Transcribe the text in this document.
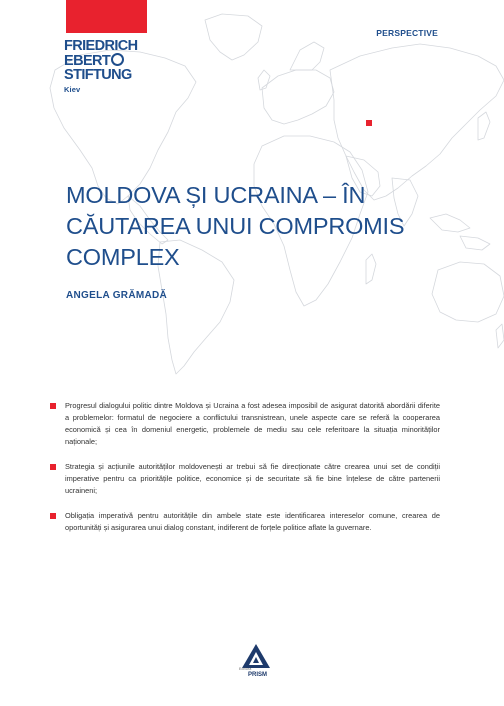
FRIEDRICH
EBERT
STIFTUNG
Kiev
PERSPECTIVE
MOLDOVA ȘI UCRAINA – ÎN
CĂUTAREA UNUI COMPROMIS
COMPLEX
ANGELA GRĂMADĂ
Progresul dialogului politic dintre Moldova și Ucraina a fost adesea imposibil de asigurat datorită abordării diferite a problemelor: formatul de negociere a conflictului transnistrean, unele aspecte care se referă la cooperarea economică și cea în domeniul energetic, problemele de mediu sau cele referitoare la situația minorităților naționale;
Strategia și acțiunile autorităților moldovenești ar trebui să fie direcționate către crearea unui set de condiții imperative pentru ca prioritățile politice, economice și de securitate să fie bine înțelese de către partenerii ucraineni;
Obligația imperativă pentru autoritățile din ambele state este identificarea intereselor comune, crearea de oportunități și asigurarea unui dialog constant, indiferent de forțele politice aflate la guvernare.
Editura
PRISM
